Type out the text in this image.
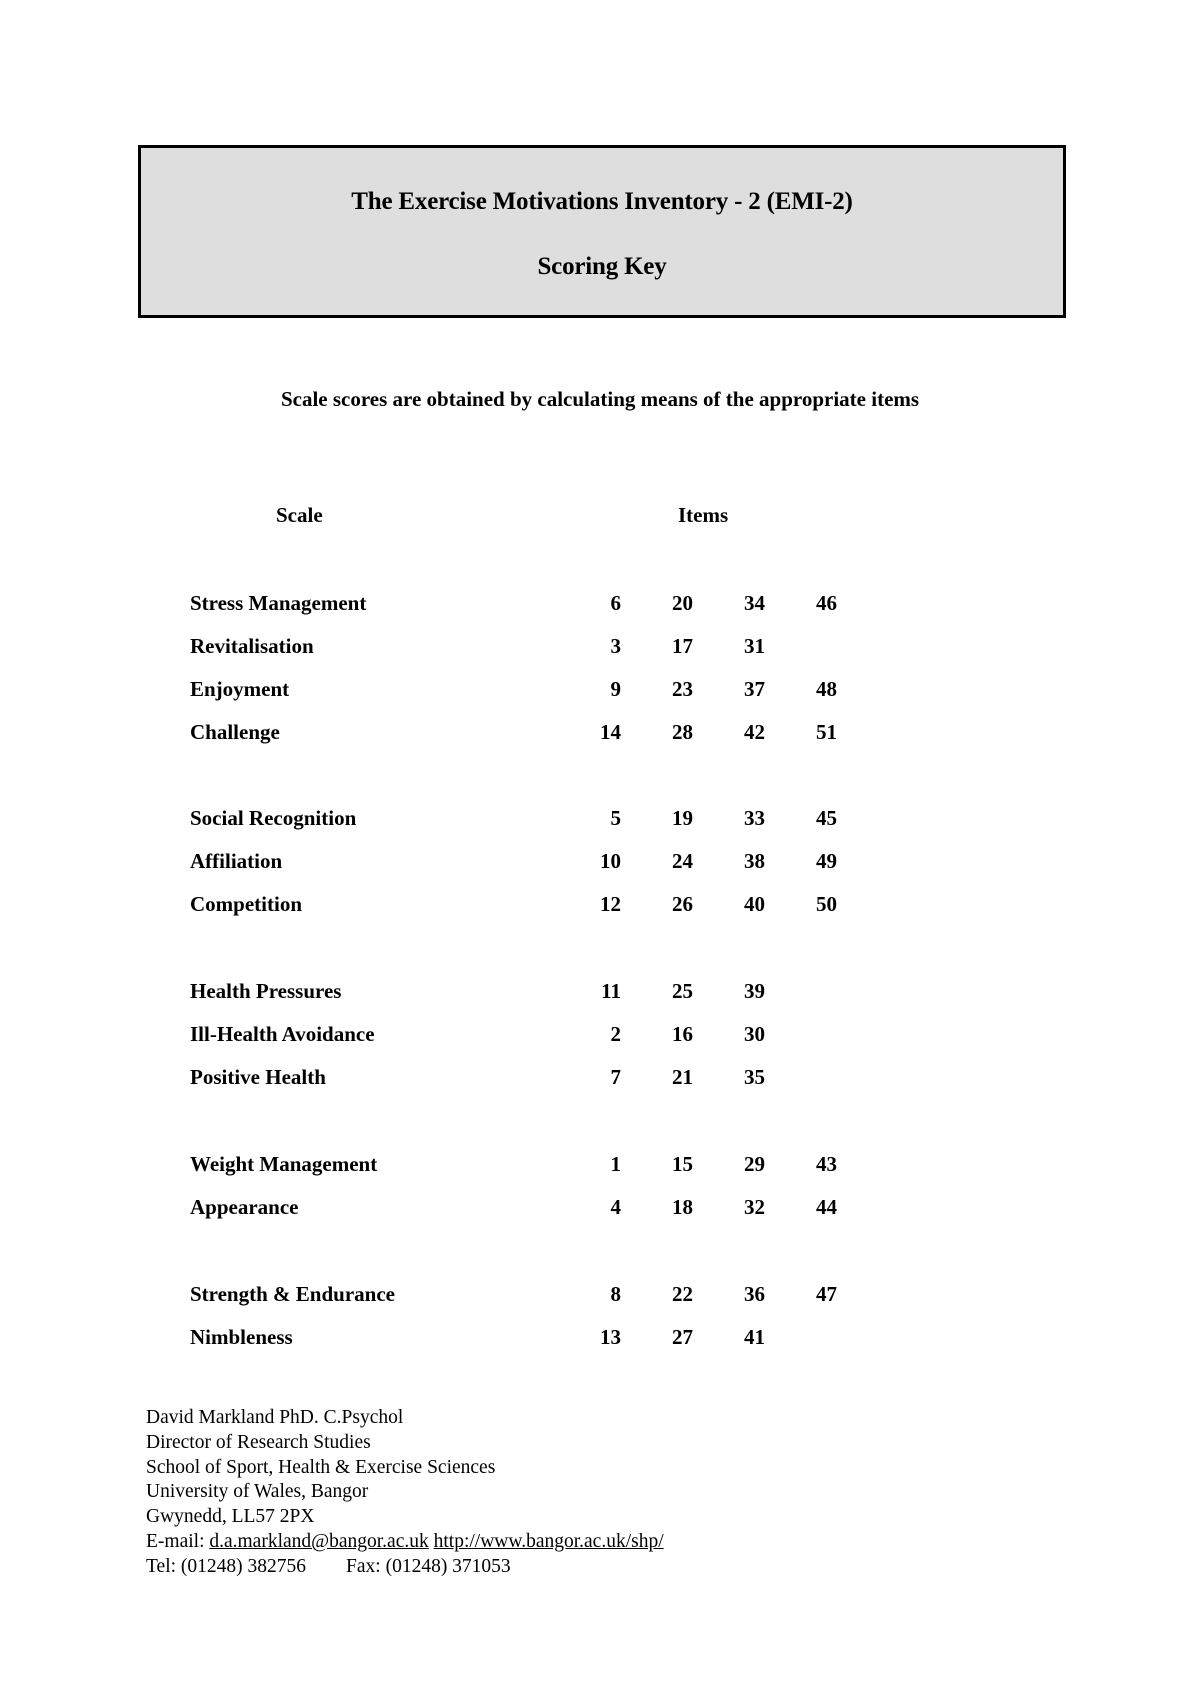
The Exercise Motivations Inventory - 2 (EMI-2)
Scoring Key
Scale scores are obtained by calculating means of the appropriate items
Scale	Items
Stress Management	6	20	34	46
Revitalisation	3	17	31
Enjoyment	9	23	37	48
Challenge	14	28	42	51
Social Recognition	5	19	33	45
Affiliation	10	24	38	49
Competition	12	26	40	50
Health Pressures	11	25	39
Ill-Health Avoidance	2	16	30
Positive Health	7	21	35
Weight Management	1	15	29	43
Appearance	4	18	32	44
Strength & Endurance	8	22	36	47
Nimbleness	13	27	41
David Markland PhD. C.Psychol
Director of Research Studies
School of Sport, Health & Exercise Sciences
University of Wales, Bangor
Gwynedd, LL57 2PX
E-mail: d.a.markland@bangor.ac.uk http://www.bangor.ac.uk/shp/
Tel: (01248) 382756 Fax: (01248) 371053
